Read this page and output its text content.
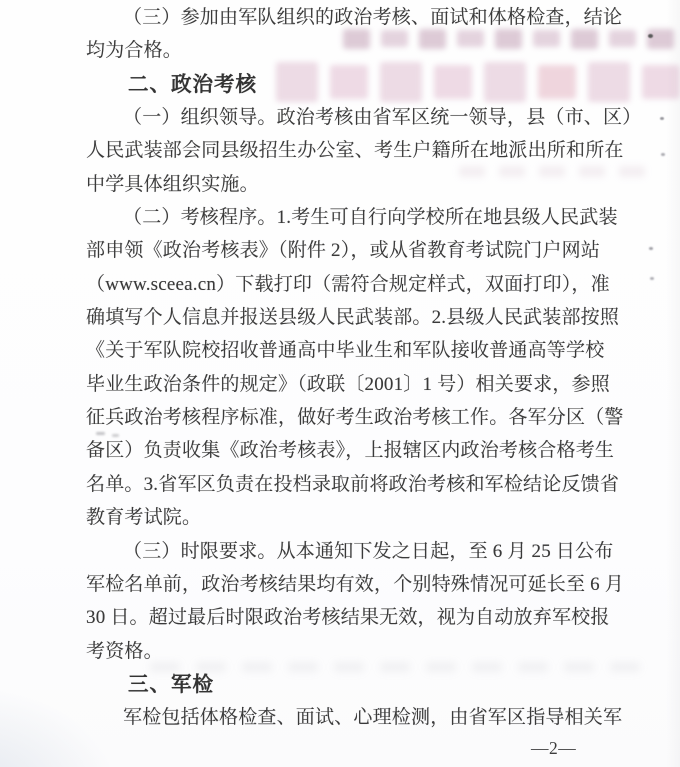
（三）参加由军队组织的政治考核、面试和体格检查，结论
均为合格。
二、政治考核
（一）组织领导。政治考核由省军区统一领导，县（市、区）
人民武装部会同县级招生办公室、考生户籍所在地派出所和所在
中学具体组织实施。
（二）考核程序。1.考生可自行向学校所在地县级人民武装
部申领《政治考核表》（附件 2），或从省教育考试院门户网站
（www.sceea.cn）下载打印（需符合规定样式，双面打印），准
确填写个人信息并报送县级人民武装部。2.县级人民武装部按照
《关于军队院校招收普通高中毕业生和军队接收普通高等学校
毕业生政治条件的规定》（政联〔2001〕1 号）相关要求，参照
征兵政治考核程序标准，做好考生政治考核工作。各军分区（警
备区）负责收集《政治考核表》，上报辖区内政治考核合格考生
名单。3.省军区负责在投档录取前将政治考核和军检结论反馈省
教育考试院。
（三）时限要求。从本通知下发之日起，至 6 月 25 日公布
军检名单前，政治考核结果均有效，个别特殊情况可延长至 6 月
30 日。超过最后时限政治考核结果无效，视为自动放弃军校报
考资格。
三、军检
军检包括体格检查、面试、心理检测，由省军区指导相关军
—2—
